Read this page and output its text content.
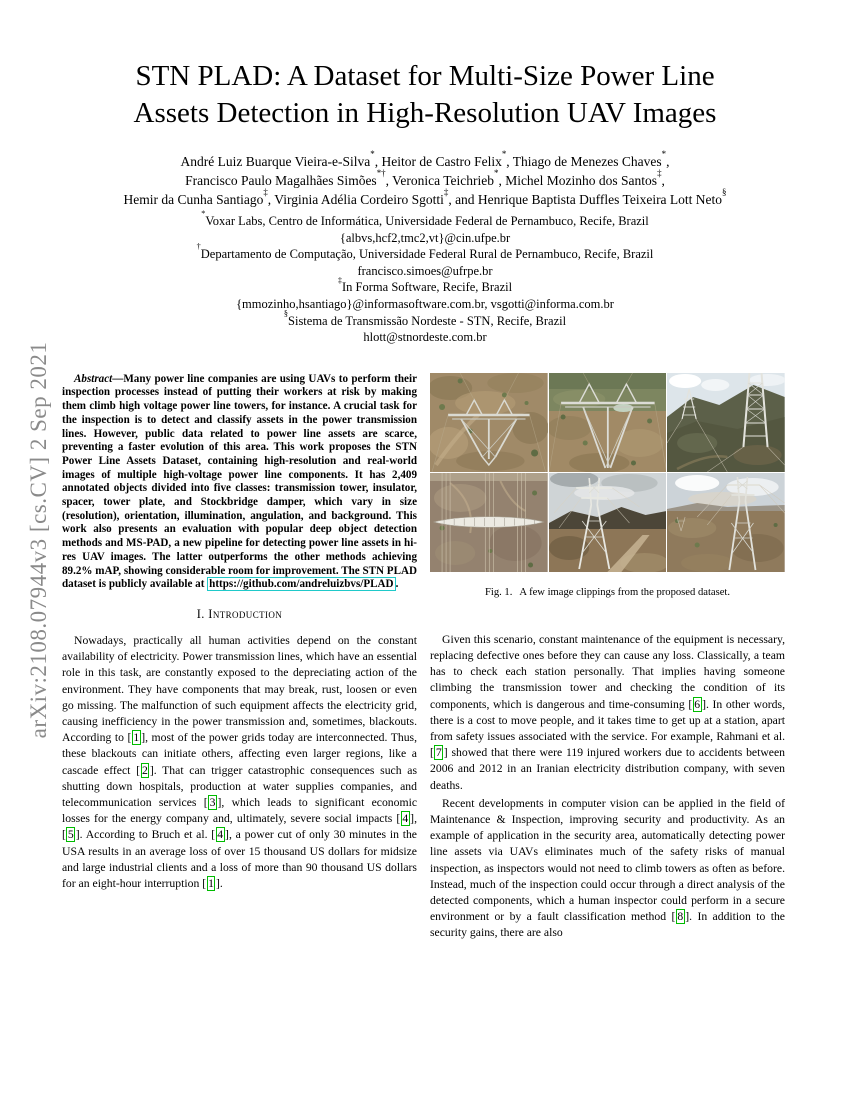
arXiv:2108.07944v3 [cs.CV] 2 Sep 2021
STN PLAD: A Dataset for Multi-Size Power Line
Assets Detection in High-Resolution UAV Images
André Luiz Buarque Vieira-e-Silva*, Heitor de Castro Felix*, Thiago de Menezes Chaves*,
Francisco Paulo Magalhães Simões*†, Veronica Teichrieb*, Michel Mozinho dos Santos‡,
Hemir da Cunha Santiago‡, Virginia Adélia Cordeiro Sgotti‡, and Henrique Baptista Duffles Teixeira Lott Neto§
*Voxar Labs, Centro de Informática, Universidade Federal de Pernambuco, Recife, Brazil
{albvs,hcf2,tmc2,vt}@cin.ufpe.br
†Departamento de Computação, Universidade Federal Rural de Pernambuco, Recife, Brazil
francisco.simoes@ufrpe.br
‡In Forma Software, Recife, Brazil
{mmozinho,hsantiago}@informasoftware.com.br, vsgotti@informa.com.br
§Sistema de Transmissão Nordeste - STN, Recife, Brazil
hlott@stnordeste.com.br

Abstract—Many power line companies are using UAVs to perform their inspection processes instead of putting their workers at risk by making them climb high voltage power line towers, for instance. A crucial task for the inspection is to detect and classify assets in the power transmission lines. However, public data related to power line assets are scarce, preventing a faster evolution of this area. This work proposes the STN Power Line Assets Dataset, containing high-resolution and real-world images of multiple high-voltage power line components. It has 2,409 annotated objects divided into five classes: transmission tower, insulator, spacer, tower plate, and Stockbridge damper, which vary in size (resolution), orientation, illumination, angulation, and background. This work also presents an evaluation with popular deep object detection methods and MS-PAD, a new pipeline for detecting power line assets in hi-res UAV images. The latter outperforms the other methods achieving 89.2% mAP, showing considerable room for improvement. The STN PLAD dataset is publicly available at https://github.com/andreluizbvs/PLAD .

I. Introduction

Nowadays, practically all human activities depend on the constant availability of electricity. Power transmission lines, which have an essential role in this task, are constantly exposed to the depreciating action of the environment. They have components that may break, rust, loosen or even go missing. The malfunction of such equipment affects the electricity grid, causing inefficiency in the power transmission and, sometimes, blackouts. According to [ 1 ], most of the power grids today are interconnected. Thus, these blackouts can initiate others, affecting even larger regions, like a cascade effect [ 2 ]. That can trigger catastrophic consequences such as shutting down hospitals, production at water supplies companies, and telecommunication services [ 3 ], which leads to significant economic losses for the energy company and, ultimately, severe social impacts [ 4 ], [ 5 ]. According to Bruch et al. [ 4 ], a power cut of only 30 minutes in the USA results in an average loss of over 15 thousand US dollars for midsize and large industrial clients and a loss of more than 90 thousand US dollars for an eight-hour interruption [ 1 ].

Fig. 1. A few image clippings from the proposed dataset.

Given this scenario, constant maintenance of the equipment is necessary, replacing defective ones before they can cause any loss. Classically, a team has to check each station personally. That implies having someone climbing the transmission tower and checking the condition of its components, which is dangerous and time-consuming [ 6 ]. In other words, there is a cost to move people, and it takes time to get up at a station, apart from safety issues associated with the service. For example, Rahmani et al. [ 7 ] showed that there were 119 injured workers due to accidents between 2006 and 2012 in an Iranian electricity distribution company, with seven deaths.

Recent developments in computer vision can be applied in the field of Maintenance & Inspection, improving security and productivity. As an example of application in the security area, automatically detecting power line assets via UAVs eliminates much of the safety risks of manual inspection, as inspectors would not need to climb towers as often as before. Instead, much of the inspection could occur through a direct analysis of the detected components, which a human inspector could perform in a secure environment or by a fault classification method [ 8 ]. In addition to the security gains, there are also
